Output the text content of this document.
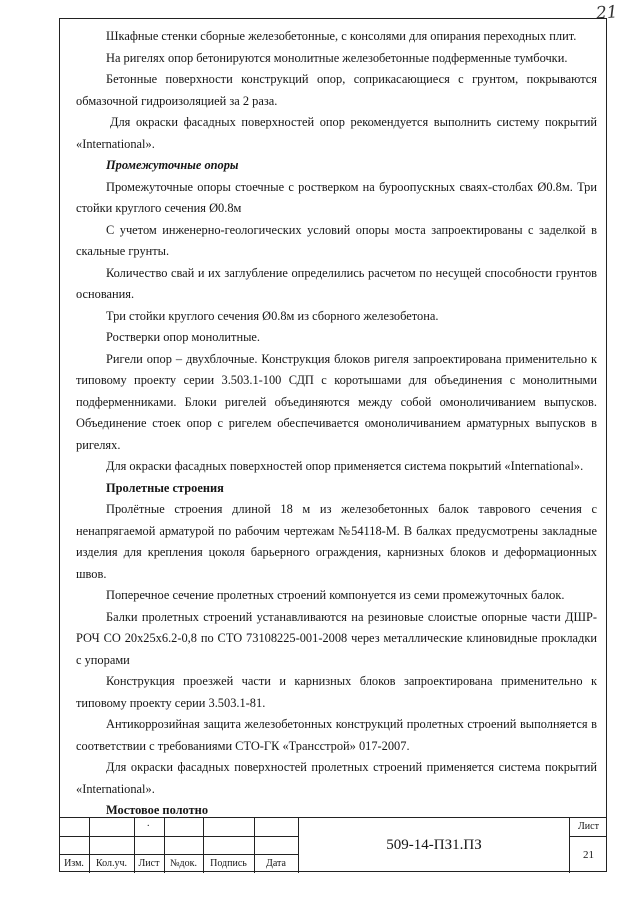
21

Шкафные стенки сборные железобетонные, с консолями для опирания переходных плит.

На ригелях опор бетонируются монолитные железобетонные подферменные тумбочки.

Бетонные поверхности конструкций опор, соприкасающиеся с грунтом, покрываются обмазочной гидроизоляцией за 2 раза.

Для окраски фасадных поверхностей опор рекомендуется выполнить систему покрытий «International».

Промежуточные опоры

Промежуточные опоры стоечные с ростверком на буроопускных сваях-столбах Ø0.8м. Три стойки круглого сечения Ø0.8м

С учетом инженерно-геологических условий опоры моста запроектированы с заделкой в скальные грунты.

Количество свай и их заглубление определились расчетом по несущей способности грунтов основания.

Три стойки круглого сечения Ø0.8м из сборного железобетона.

Ростверки опор монолитные.

Ригели опор – двухблочные. Конструкция блоков ригеля запроектирована применительно к типовому проекту серии 3.503.1-100 СДП с коротышами для объединения с монолитными подферменниками. Блоки ригелей объединяются между собой омоноличиванием выпусков. Объединение стоек опор с ригелем обеспечивается омоноличиванием арматурных выпусков в ригелях.

Для окраски фасадных поверхностей опор применяется система покрытий «International».

Пролетные строения

Пролётные строения длиной 18 м из железобетонных балок таврового сечения с ненапрягаемой арматурой по рабочим чертежам №54118-М. В балках предусмотрены закладные изделия для крепления цоколя барьерного ограждения, карнизных блоков и деформационных швов.

Поперечное сечение пролетных строений компонуется из семи промежуточных балок.

Балки пролетных строений устанавливаются на резиновые слоистые опорные части ДШР-РОЧ СО 20х25х6.2-0,8 по СТО 73108225-001-2008 через металлические клиновидные прокладки с упорами

Конструкция проезжей части и карнизных блоков запроектирована применительно к типовому проекту серии 3.503.1-81.

Антикоррозийная защита железобетонных конструкций пролетных строений выполняется в соответствии с требованиями СТО-ГК «Трансстрой» 017-2007.

Для окраски фасадных поверхностей пролетных строений применяется система покрытий «International».

Мостовое полотно
.
Изм.	Кол.уч.	Лист	№док.	Подпись	Дата
509-14-ПЗ1.ПЗ
Лист
21
